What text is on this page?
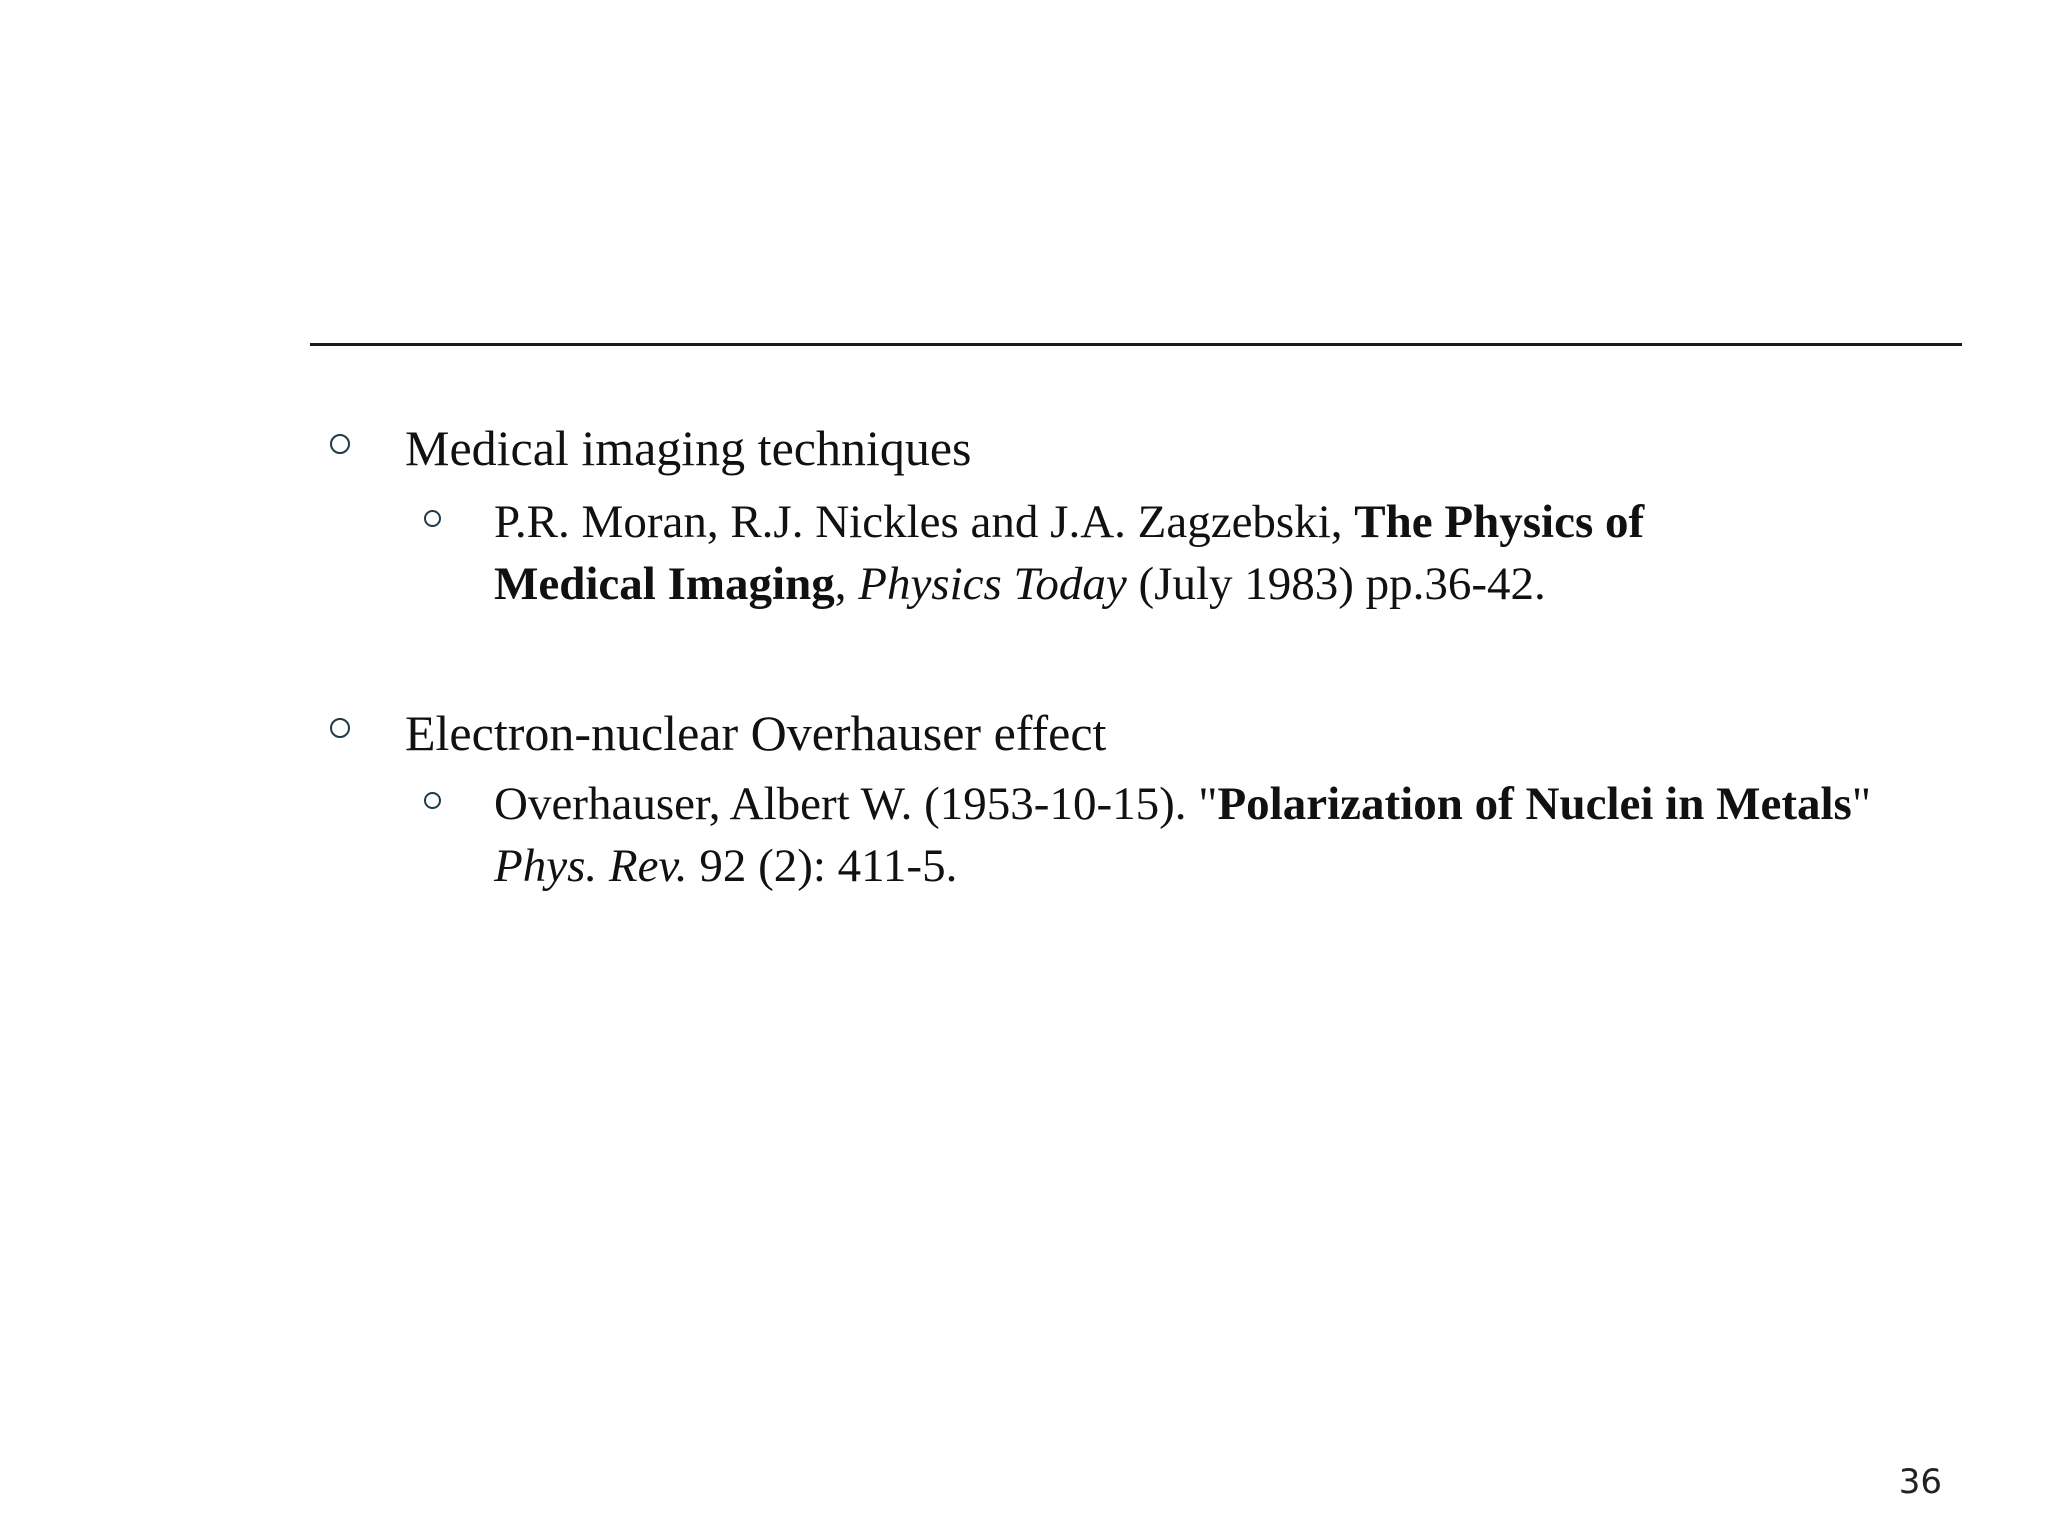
Medical imaging techniques
P.R. Moran, R.J. Nickles and J.A. Zagzebski, The Physics of
Medical Imaging, Physics Today (July 1983) pp.36-42.
Electron-nuclear Overhauser effect
Overhauser, Albert W. (1953-10-15). "Polarization of Nuclei in Metals"
Phys. Rev. 92 (2): 411-5.
36
